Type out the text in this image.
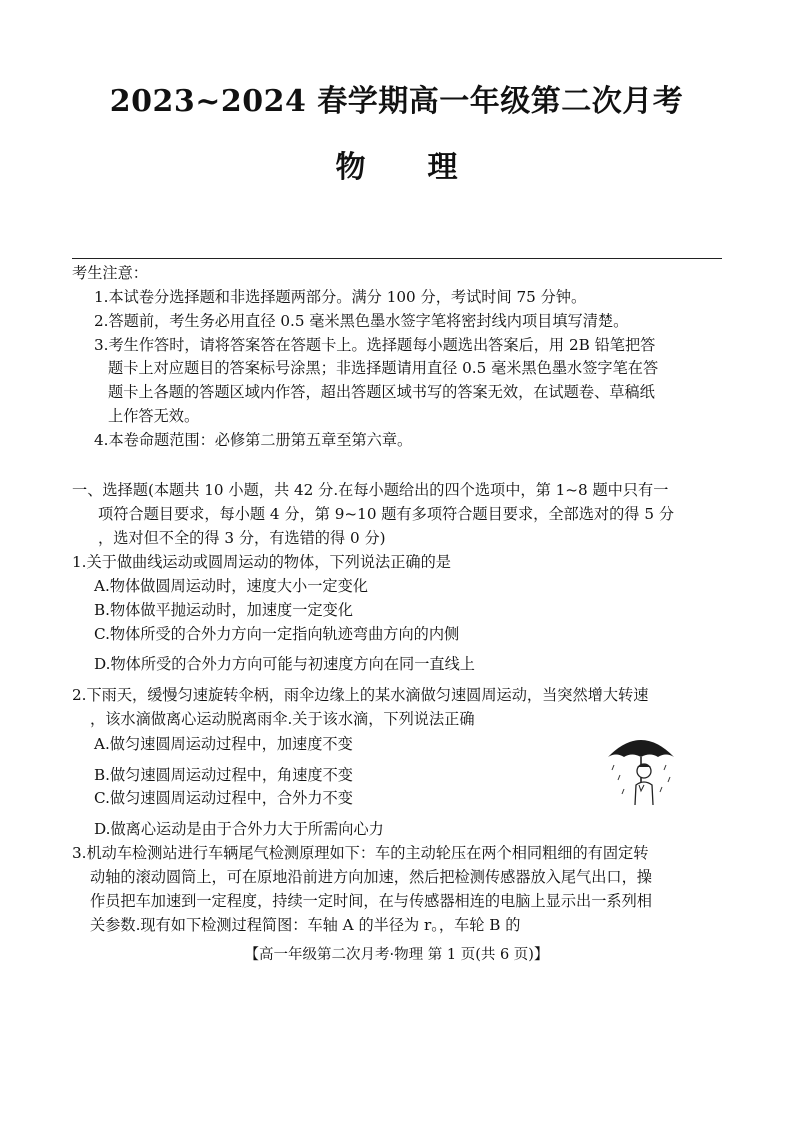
2023~2024 春学期高一年级第二次月考
物理
考生注意：
1.本试卷分选择题和非选择题两部分。满分 100 分，考试时间 75 分钟。
2.答题前，考生务必用直径 0.5 毫米黑色墨水签字笔将密封线内项目填写清楚。
3.考生作答时，请将答案答在答题卡上。选择题每小题选出答案后，用 2B 铅笔把答
题卡上对应题目的答案标号涂黑；非选择题请用直径 0.5 毫米黑色墨水签字笔在答
题卡上各题的答题区域内作答，超出答题区域书写的答案无效，在试题卷、草稿纸
上作答无效。
4.本卷命题范围：必修第二册第五章至第六章。
一、选择题(本题共 10 小题，共 42 分.在每小题给出的四个选项中，第 1~8 题中只有一
项符合题目要求，每小题 4 分，第 9~10 题有多项符合题目要求，全部选对的得 5 分
，选对但不全的得 3 分，有选错的得 0 分)
1.关于做曲线运动或圆周运动的物体，下列说法正确的是
A.物体做圆周运动时，速度大小一定变化
B.物体做平抛运动时，加速度一定变化
C.物体所受的合外力方向一定指向轨迹弯曲方向的内侧
D.物体所受的合外力方向可能与初速度方向在同一直线上
2.下雨天，缓慢匀速旋转伞柄，雨伞边缘上的某水滴做匀速圆周运动，当突然增大转速
，该水滴做离心运动脱离雨伞.关于该水滴，下列说法正确
A.做匀速圆周运动过程中，加速度不变
B.做匀速圆周运动过程中，角速度不变
C.做匀速圆周运动过程中，合外力不变
D.做离心运动是由于合外力大于所需向心力
3.机动车检测站进行车辆尾气检测原理如下：车的主动轮压在两个相同粗细的有固定转
动轴的滚动圆筒上，可在原地沿前进方向加速，然后把检测传感器放入尾气出口，操
作员把车加速到一定程度，持续一定时间，在与传感器相连的电脑上显示出一系列相
关参数.现有如下检测过程简图：车轴 A 的半径为 r。，车轮 B 的
【高一年级第二次月考·物理 第 1 页(共 6 页)】
